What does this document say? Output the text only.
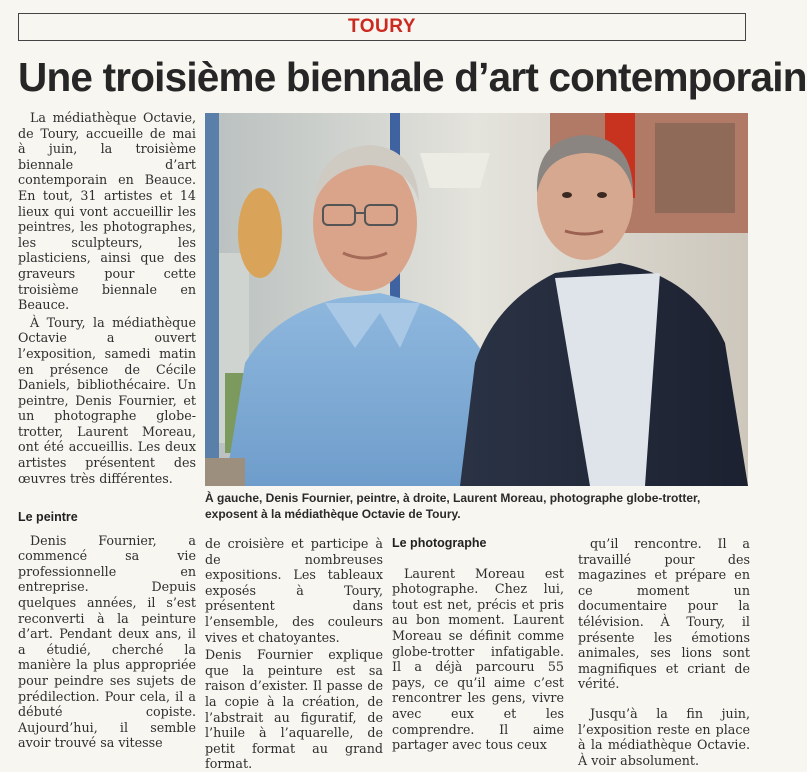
TOURY
Une troisième biennale d’art contemporain

La médiathèque Octavie, de Toury, accueille de mai à juin, la troisième biennale d’art contemporain en Beauce. En tout, 31 artistes et 14 lieux qui vont accueillir les peintres, les photographes, les sculpteurs, les plasticiens, ainsi que des graveurs pour cette troisième biennale en Beauce.

À Toury, la médiathèque Octavie a ouvert l’exposition, samedi matin en présence de Cécile Daniels, bibliothécaire. Un peintre, Denis Fournier, et un photographe globe-trotter, Laurent Moreau, ont été accueillis. Les deux artistes présentent des œuvres très différentes.

À gauche, Denis Fournier, peintre, à droite, Laurent Moreau, photographe globe-trotter, exposent à la médiathèque Octavie de Toury.
Le peintre

Denis Fournier, a commencé sa vie professionnelle en entreprise. Depuis quelques années, il s’est reconverti à la peinture d’art. Pendant deux ans, il a étudié, cherché la manière la plus appropriée pour peindre ses sujets de prédilection. Pour cela, il a débuté copiste. Aujourd’hui, il semble avoir trouvé sa vitesse

de croisière et participe à de nombreuses expositions. Les tableaux exposés à Toury, présentent dans l’ensemble, des couleurs vives et chatoyantes.

Denis Fournier explique que la peinture est sa raison d’exister. Il passe de la copie à la création, de l’abstrait au figuratif, de l’huile à l’aquarelle, de petit format au grand format.

Le photographe

Laurent Moreau est photographe. Chez lui, tout est net, précis et pris au bon moment. Laurent Moreau se définit comme globe-trotter infatigable. Il a déjà parcouru 55 pays, ce qu’il aime c’est rencontrer les gens, vivre avec eux et les comprendre. Il aime partager avec tous ceux

qu’il rencontre. Il a travaillé pour des magazines et prépare en ce moment un documentaire pour la télévision. À Toury, il présente les émotions animales, ses lions sont magnifiques et criant de vérité.

Jusqu’à la fin juin, l’exposition reste en place à la médiathèque Octavie. À voir absolument.
